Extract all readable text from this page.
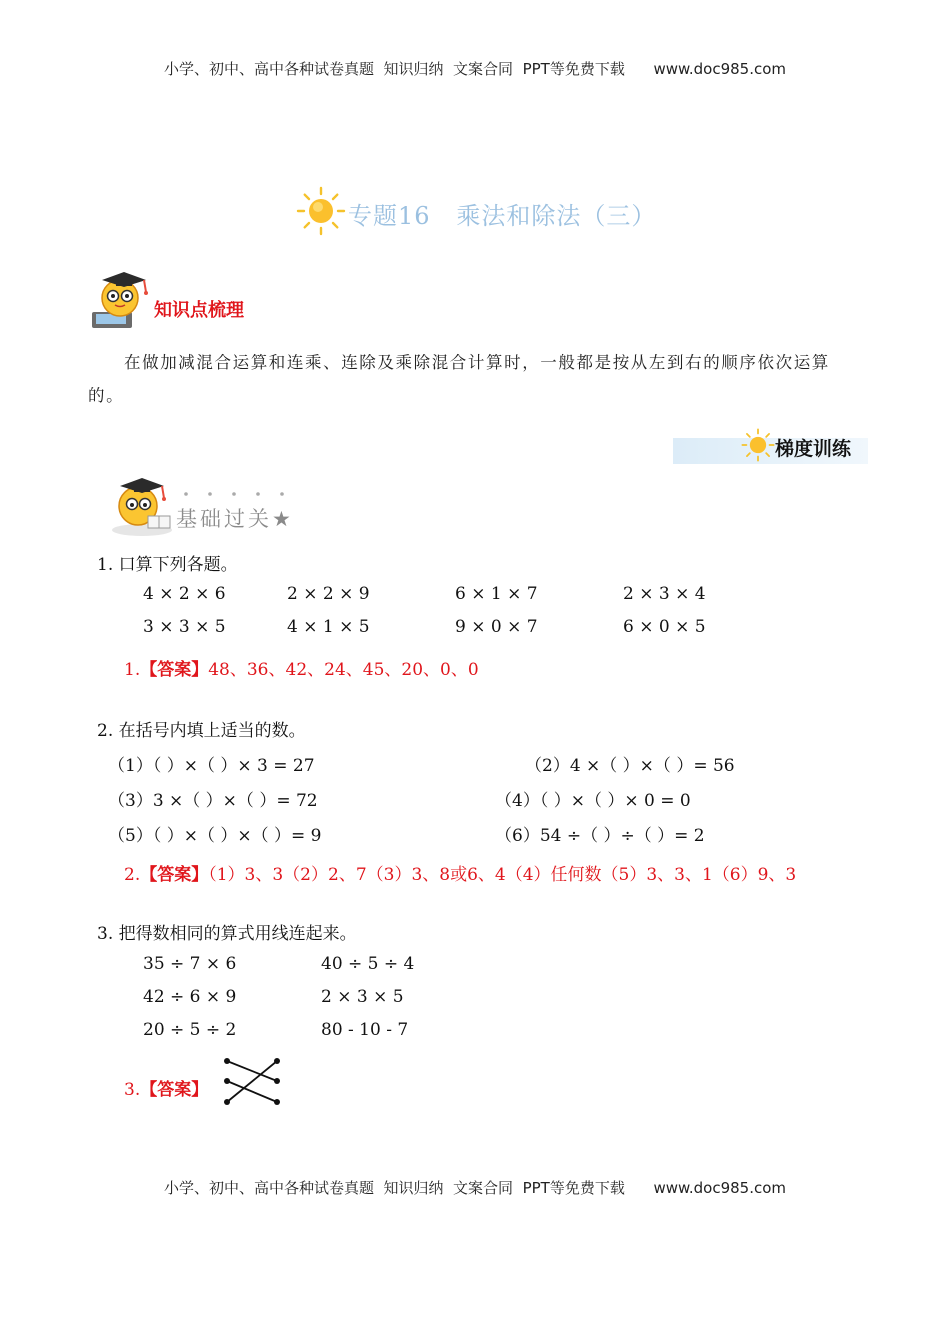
小学、初中、高中各种试卷真题  知识归纳  文案合同  PPT等免费下载      www.doc985.com
小学、初中、高中各种试卷真题  知识归纳  文案合同  PPT等免费下载      www.doc985.com
专题16   乘法和除法（三）
知识点梳理
在做加减混合运算和连乘、连除及乘除混合计算时，一般都是按从左到右的顺序依次运算的。
梯度训练
基础过关★
1. 口算下列各题。
4 × 2 × 6	2 × 2 × 9	6 × 1 × 7	2 × 3 × 4
3 × 3 × 5	4 × 1 × 5	9 × 0 × 7	6 × 0 × 5
1.【答案】48、36、42、24、45、20、0、0
2. 在括号内填上适当的数。
（1）（ ）×（ ）× 3 = 27	（2）4 ×（ ）×（ ）= 56
（3）3 ×（ ）×（ ）= 72	（4）（ ）×（ ）× 0 = 0
（5）（ ）×（ ）×（ ）= 9	（6）54 ÷（ ）÷（ ）= 2
2.【答案】（1）3、3（2）2、7（3）3、8或6、4（4）任何数（5）3、3、1（6）9、3
3. 把得数相同的算式用线连起来。
35 ÷ 7 × 6	40 ÷ 5 ÷ 4
42 ÷ 6 × 9	2 × 3 × 5
20 ÷ 5 ÷ 2	80 - 10 - 7
3.【答案】
